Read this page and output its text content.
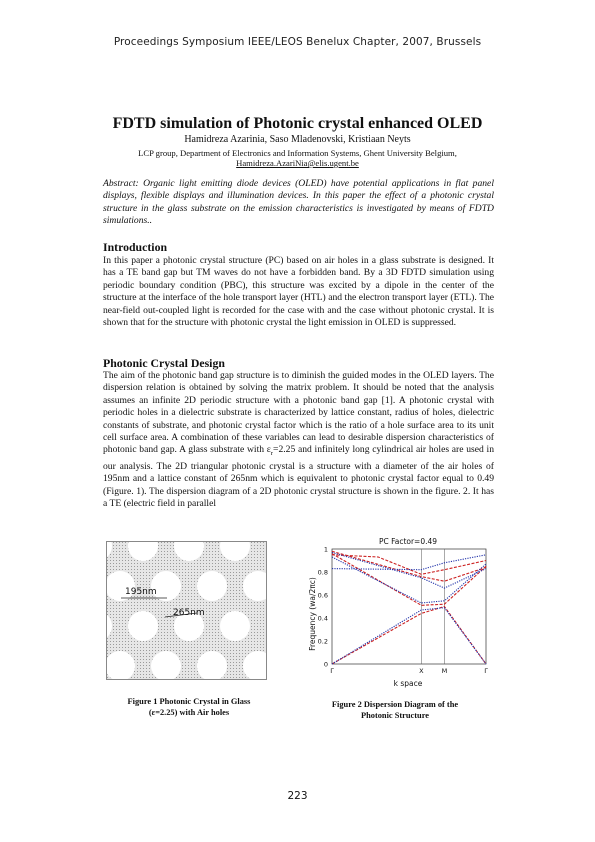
Proceedings Symposium IEEE/LEOS Benelux Chapter, 2007, Brussels
FDTD simulation of Photonic crystal enhanced OLED
Hamidreza Azarinia, Saso Mladenovski, Kristiaan Neyts
LCP group, Department of Electronics and Information Systems, Ghent University Belgium,
Hamidreza.AzariNia@elis.ugent.be
Abstract: Organic light emitting diode devices (OLED) have potential applications in flat panel displays, flexible displays and illumination devices. In this paper the effect of a photonic crystal structure in the glass substrate on the emission characteristics is investigated by means of FDTD simulations..
Introduction
In this paper a photonic crystal structure (PC) based on air holes in a glass substrate is designed. It has a TE band gap but TM waves do not have a forbidden band. By a 3D FDTD simulation using periodic boundary condition (PBC), this structure was excited by a dipole in the center of the structure at the interface of the hole transport layer (HTL) and the electron transport layer (ETL). The near-field out-coupled light is recorded for the case with and the case without photonic crystal. It is shown that for the structure with photonic crystal the light emission in OLED is suppressed.
Photonic Crystal Design
The aim of the photonic band gap structure is to diminish the guided modes in the OLED layers. The dispersion relation is obtained by solving the matrix problem. It should be noted that the analysis assumes an infinite 2D periodic structure with a photonic band gap [1]. A photonic crystal with periodic holes in a dielectric substrate is characterized by lattice constant, radius of holes, dielectric constants of substrate, and photonic crystal factor which is the ratio of a hole surface area to its unit cell surface area. A combination of these variables can lead to desirable dispersion characteristics of photonic band gap. A glass substrate with $\varepsilon_r=2.25$ and infinitely long cylindrical air holes are used in our analysis. The 2D triangular photonic crystal is a structure with a diameter of the air holes of 195nm and a lattice constant of 265nm which is equivalent to photonic crystal factor equal to 0.49 (Figure. 1). The dispersion diagram of a 2D photonic crystal structure is shown in the figure. 2. It has a TE (electric field in parallel
195nm
265nm
Figure 1 Photonic Crystal in Glass
(ε=2.25) with Air holes
PC Factor=0.49
0
0.2
0.4
0.6
0.8
1
Γ	X	M	Γ
k space
Frequency (wa/2πc)
Figure 2 Dispersion Diagram of the
Photonic Structure
223
